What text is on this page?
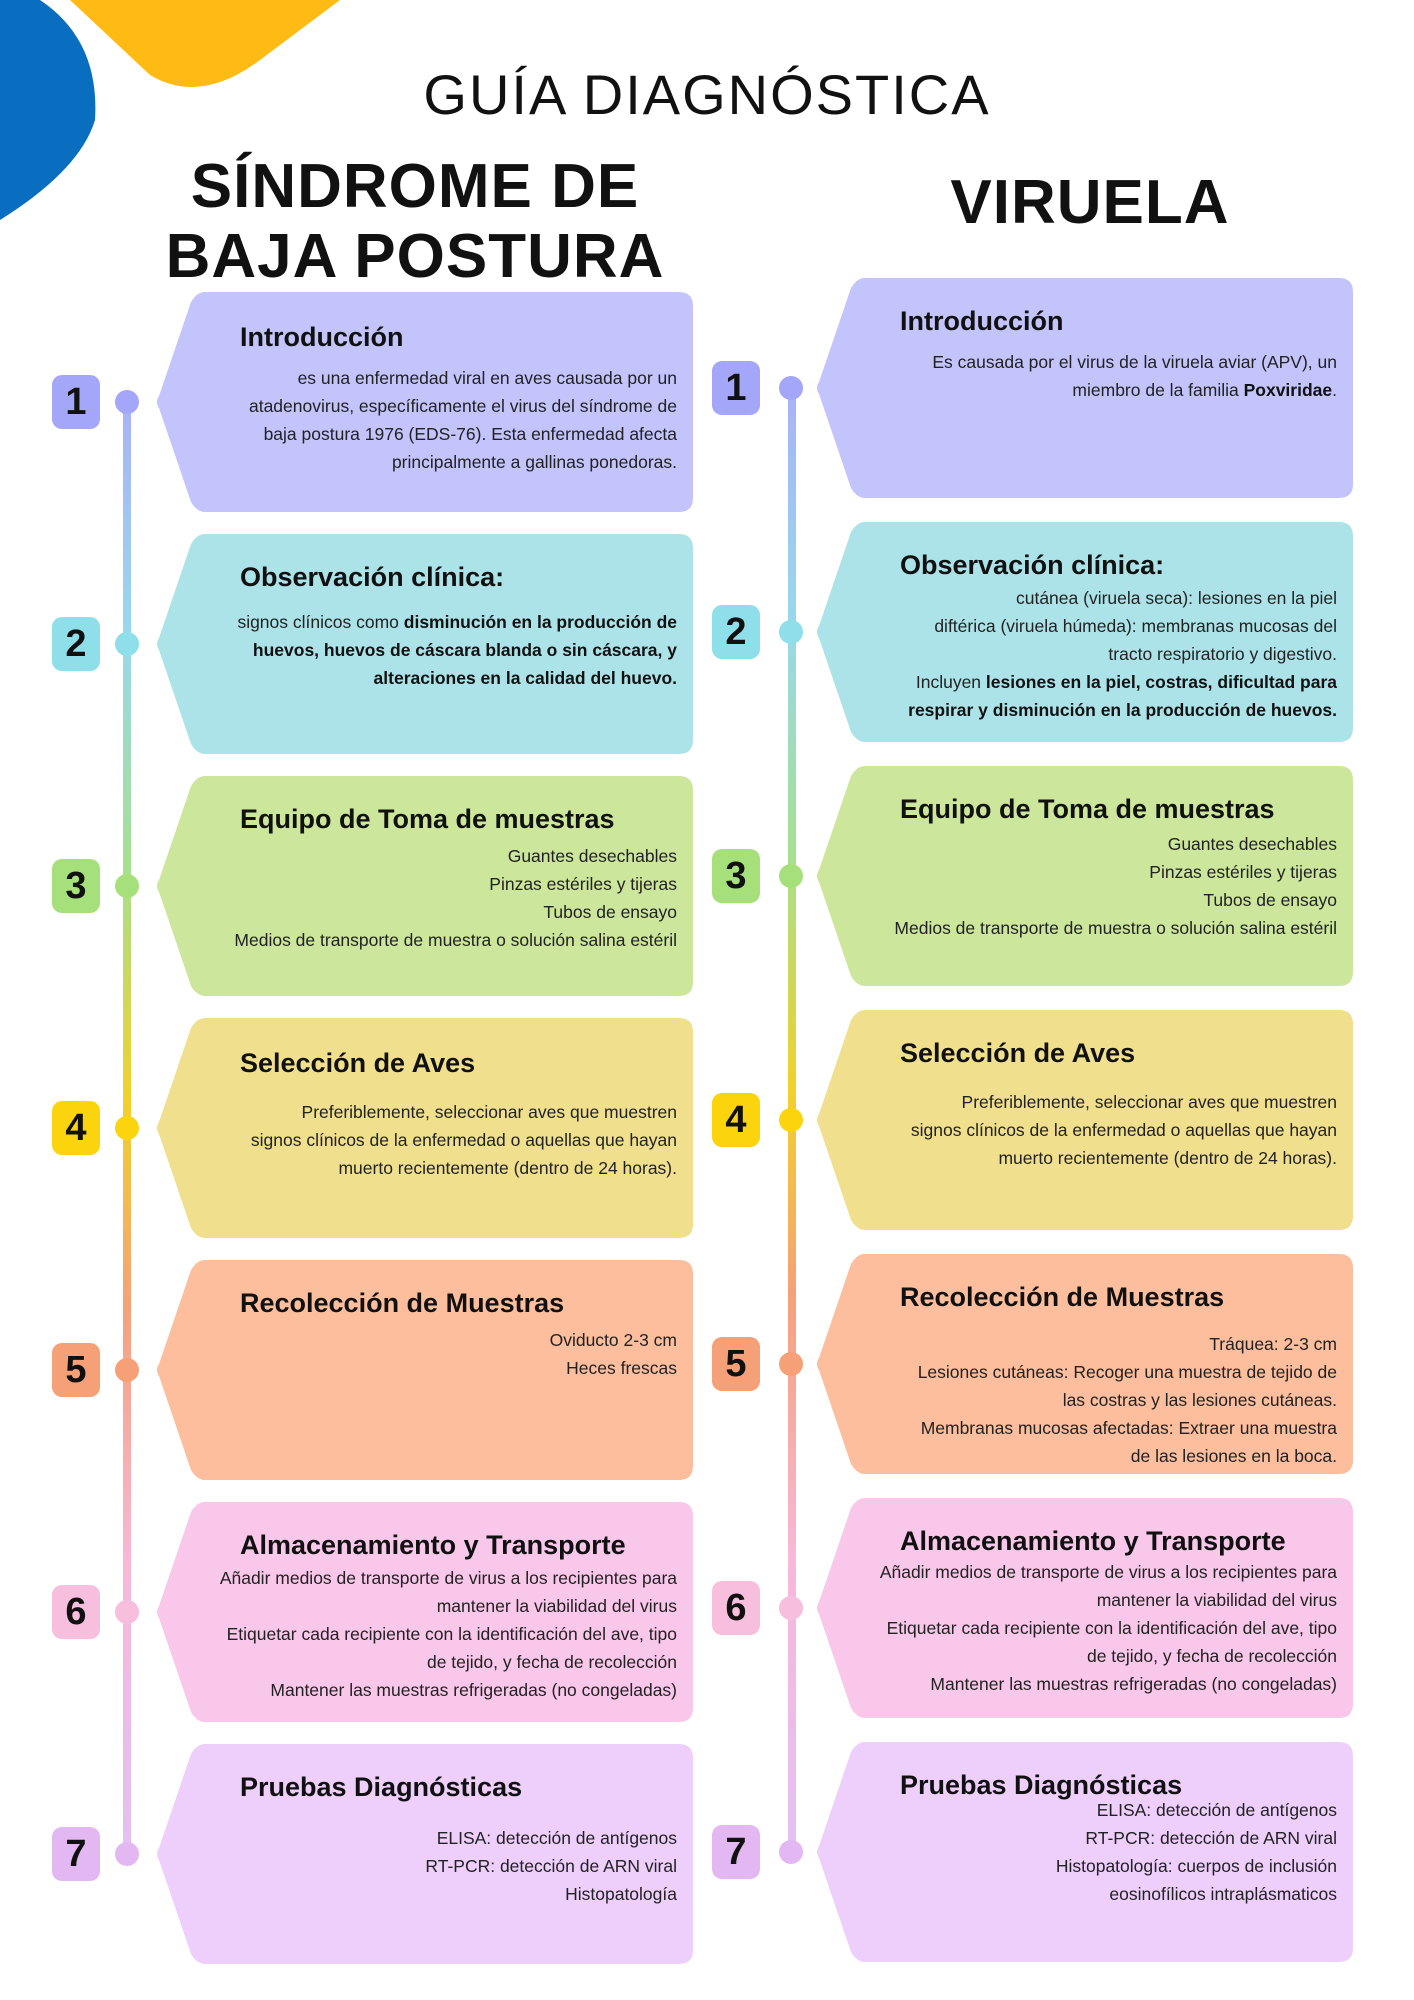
GUÍA DIAGNÓSTICA
SÍNDROME DE
BAJA POSTURA
VIRUELA
Introducción
es una enfermedad viral en aves causada por un
atadenovirus, específicamente el virus del síndrome de
baja postura 1976 (EDS-76). Esta enfermedad afecta
principalmente a gallinas ponedoras.
1
Observación clínica:
signos clínicos como disminución en la producción de
huevos, huevos de cáscara blanda o sin cáscara, y
alteraciones en la calidad del huevo.
2
Equipo de Toma de muestras
Guantes desechables
Pinzas estériles y tijeras
Tubos de ensayo
Medios de transporte de muestra o solución salina estéril
3
Selección de Aves
Preferiblemente, seleccionar aves que muestren
signos clínicos de la enfermedad o aquellas que hayan
muerto recientemente (dentro de 24 horas).
4
Recolección de Muestras
Oviducto 2-3 cm
Heces frescas
5
Almacenamiento y Transporte
Añadir medios de transporte de virus a los recipientes para
mantener la viabilidad del virus
Etiquetar cada recipiente con la identificación del ave, tipo
de tejido, y fecha de recolección
Mantener las muestras refrigeradas (no congeladas)
6
Pruebas Diagnósticas
ELISA: detección de antígenos
RT-PCR: detección de ARN viral
Histopatología
7
Introducción
Es causada por el virus de la viruela aviar (APV), un
miembro de la familia Poxviridae.
1
Observación clínica:
cutánea (viruela seca): lesiones en la piel
diftérica (viruela húmeda): membranas mucosas del
tracto respiratorio y digestivo.
Incluyen lesiones en la piel, costras, dificultad para
respirar y disminución en la producción de huevos.
2
Equipo de Toma de muestras
Guantes desechables
Pinzas estériles y tijeras
Tubos de ensayo
Medios de transporte de muestra o solución salina estéril
3
Selección de Aves
Preferiblemente, seleccionar aves que muestren
signos clínicos de la enfermedad o aquellas que hayan
muerto recientemente (dentro de 24 horas).
4
Recolección de Muestras
Tráquea: 2-3 cm
Lesiones cutáneas: Recoger una muestra de tejido de
las costras y las lesiones cutáneas.
Membranas mucosas afectadas: Extraer una muestra
de las lesiones en la boca.
5
Almacenamiento y Transporte
Añadir medios de transporte de virus a los recipientes para
mantener la viabilidad del virus
Etiquetar cada recipiente con la identificación del ave, tipo
de tejido, y fecha de recolección
Mantener las muestras refrigeradas (no congeladas)
6
Pruebas Diagnósticas
ELISA: detección de antígenos
RT-PCR: detección de ARN viral
Histopatología: cuerpos de inclusión
eosinofílicos intraplásmaticos
7
